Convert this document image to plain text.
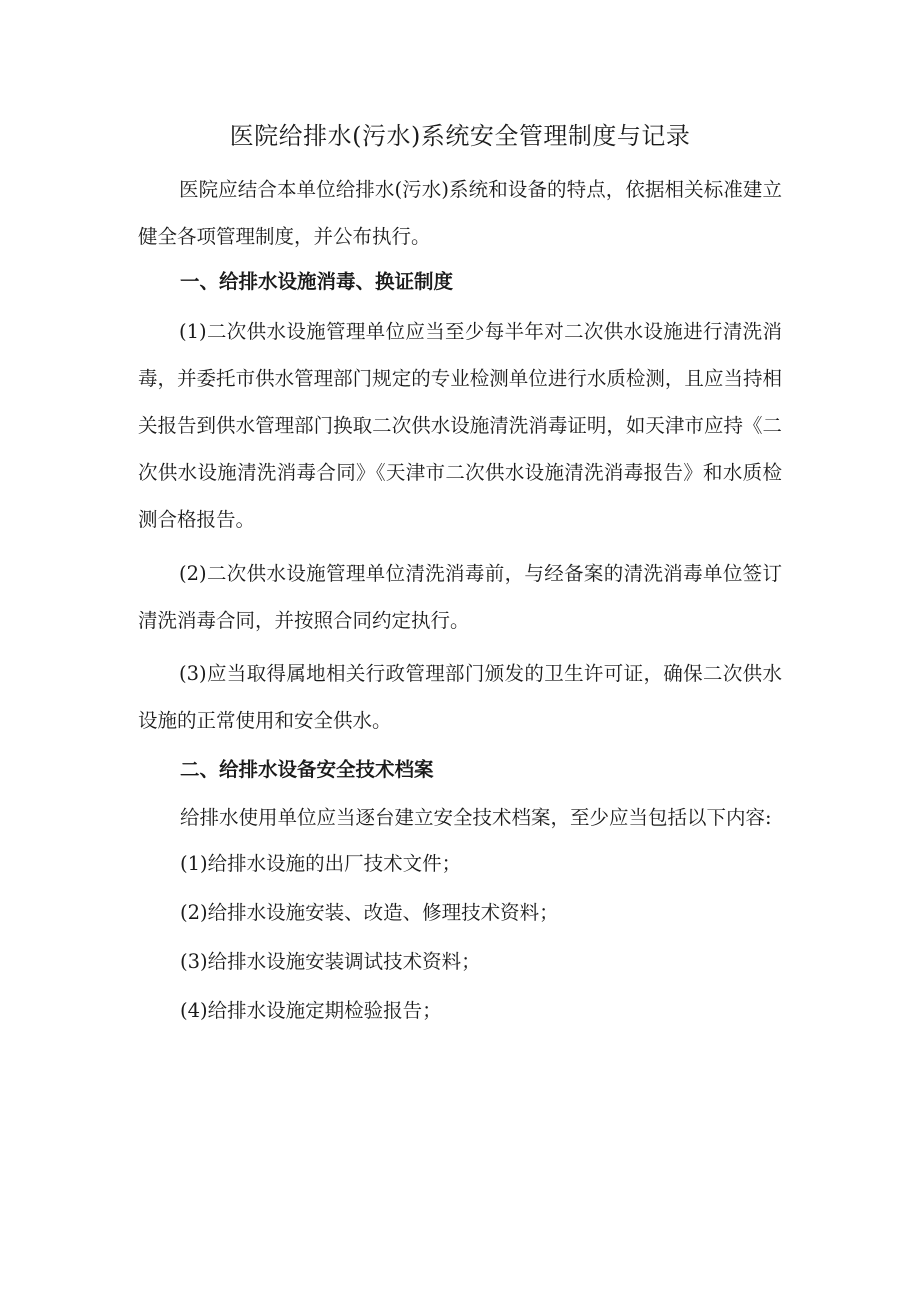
医院给排水(污水)系统安全管理制度与记录

医院应结合本单位给排水(污水)系统和设备的特点，依据相关标准建立健全各项管理制度，并公布执行。

一、给排水设施消毒、换证制度

(1)二次供水设施管理单位应当至少每半年对二次供水设施进行清洗消毒，并委托市供水管理部门规定的专业检测单位进行水质检测，且应当持相关报告到供水管理部门换取二次供水设施清洗消毒证明，如天津市应持《二次供水设施清洗消毒合同》《天津市二次供水设施清洗消毒报告》和水质检测合格报告。

(2)二次供水设施管理单位清洗消毒前，与经备案的清洗消毒单位签订清洗消毒合同，并按照合同约定执行。

(3)应当取得属地相关行政管理部门颁发的卫生许可证，确保二次供水设施的正常使用和安全供水。

二、给排水设备安全技术档案
给排水使用单位应当逐台建立安全技术档案，至少应当包括以下内容:
(1)给排水设施的出厂技术文件；
(2)给排水设施安装、改造、修理技术资料；
(3)给排水设施安装调试技术资料；
(4)给排水设施定期检验报告；
